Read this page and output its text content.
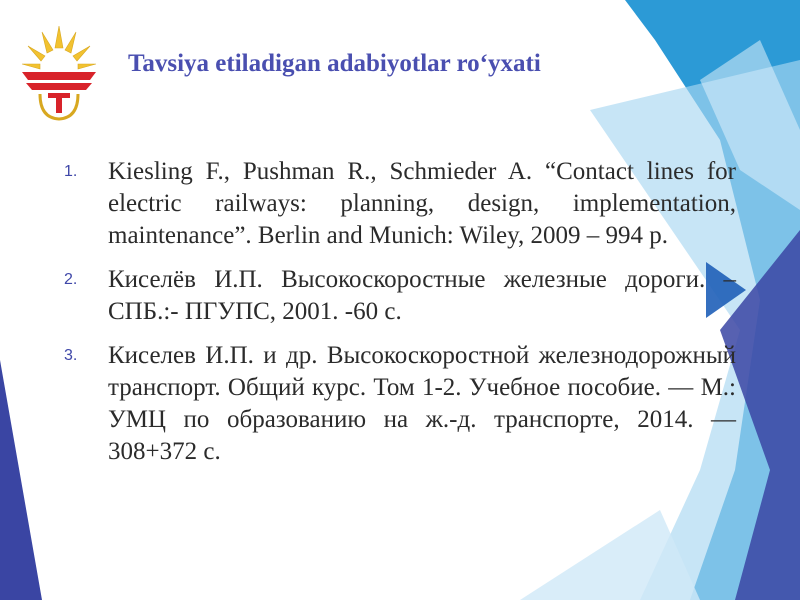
Tavsiya etiladigan adabiyotlar ro‘yxati
1. Kiesling F., Pushman R., Schmieder A. “Contact lines for electric railways: planning, design, implementation, maintenance”. Berlin and Munich: Wiley, 2009 – 994 p.
2. Киселёв И.П. Высокоскоростные железные дороги. – СПБ.:- ПГУПС, 2001. -60 с.
3. Киселев И.П. и др. Высокоскоростной железнодорожный транспорт. Общий курс. Том 1-2. Учебное пособие. — М.: УМЦ по образованию на ж.-д. транспорте, 2014. — 308+372 с.
